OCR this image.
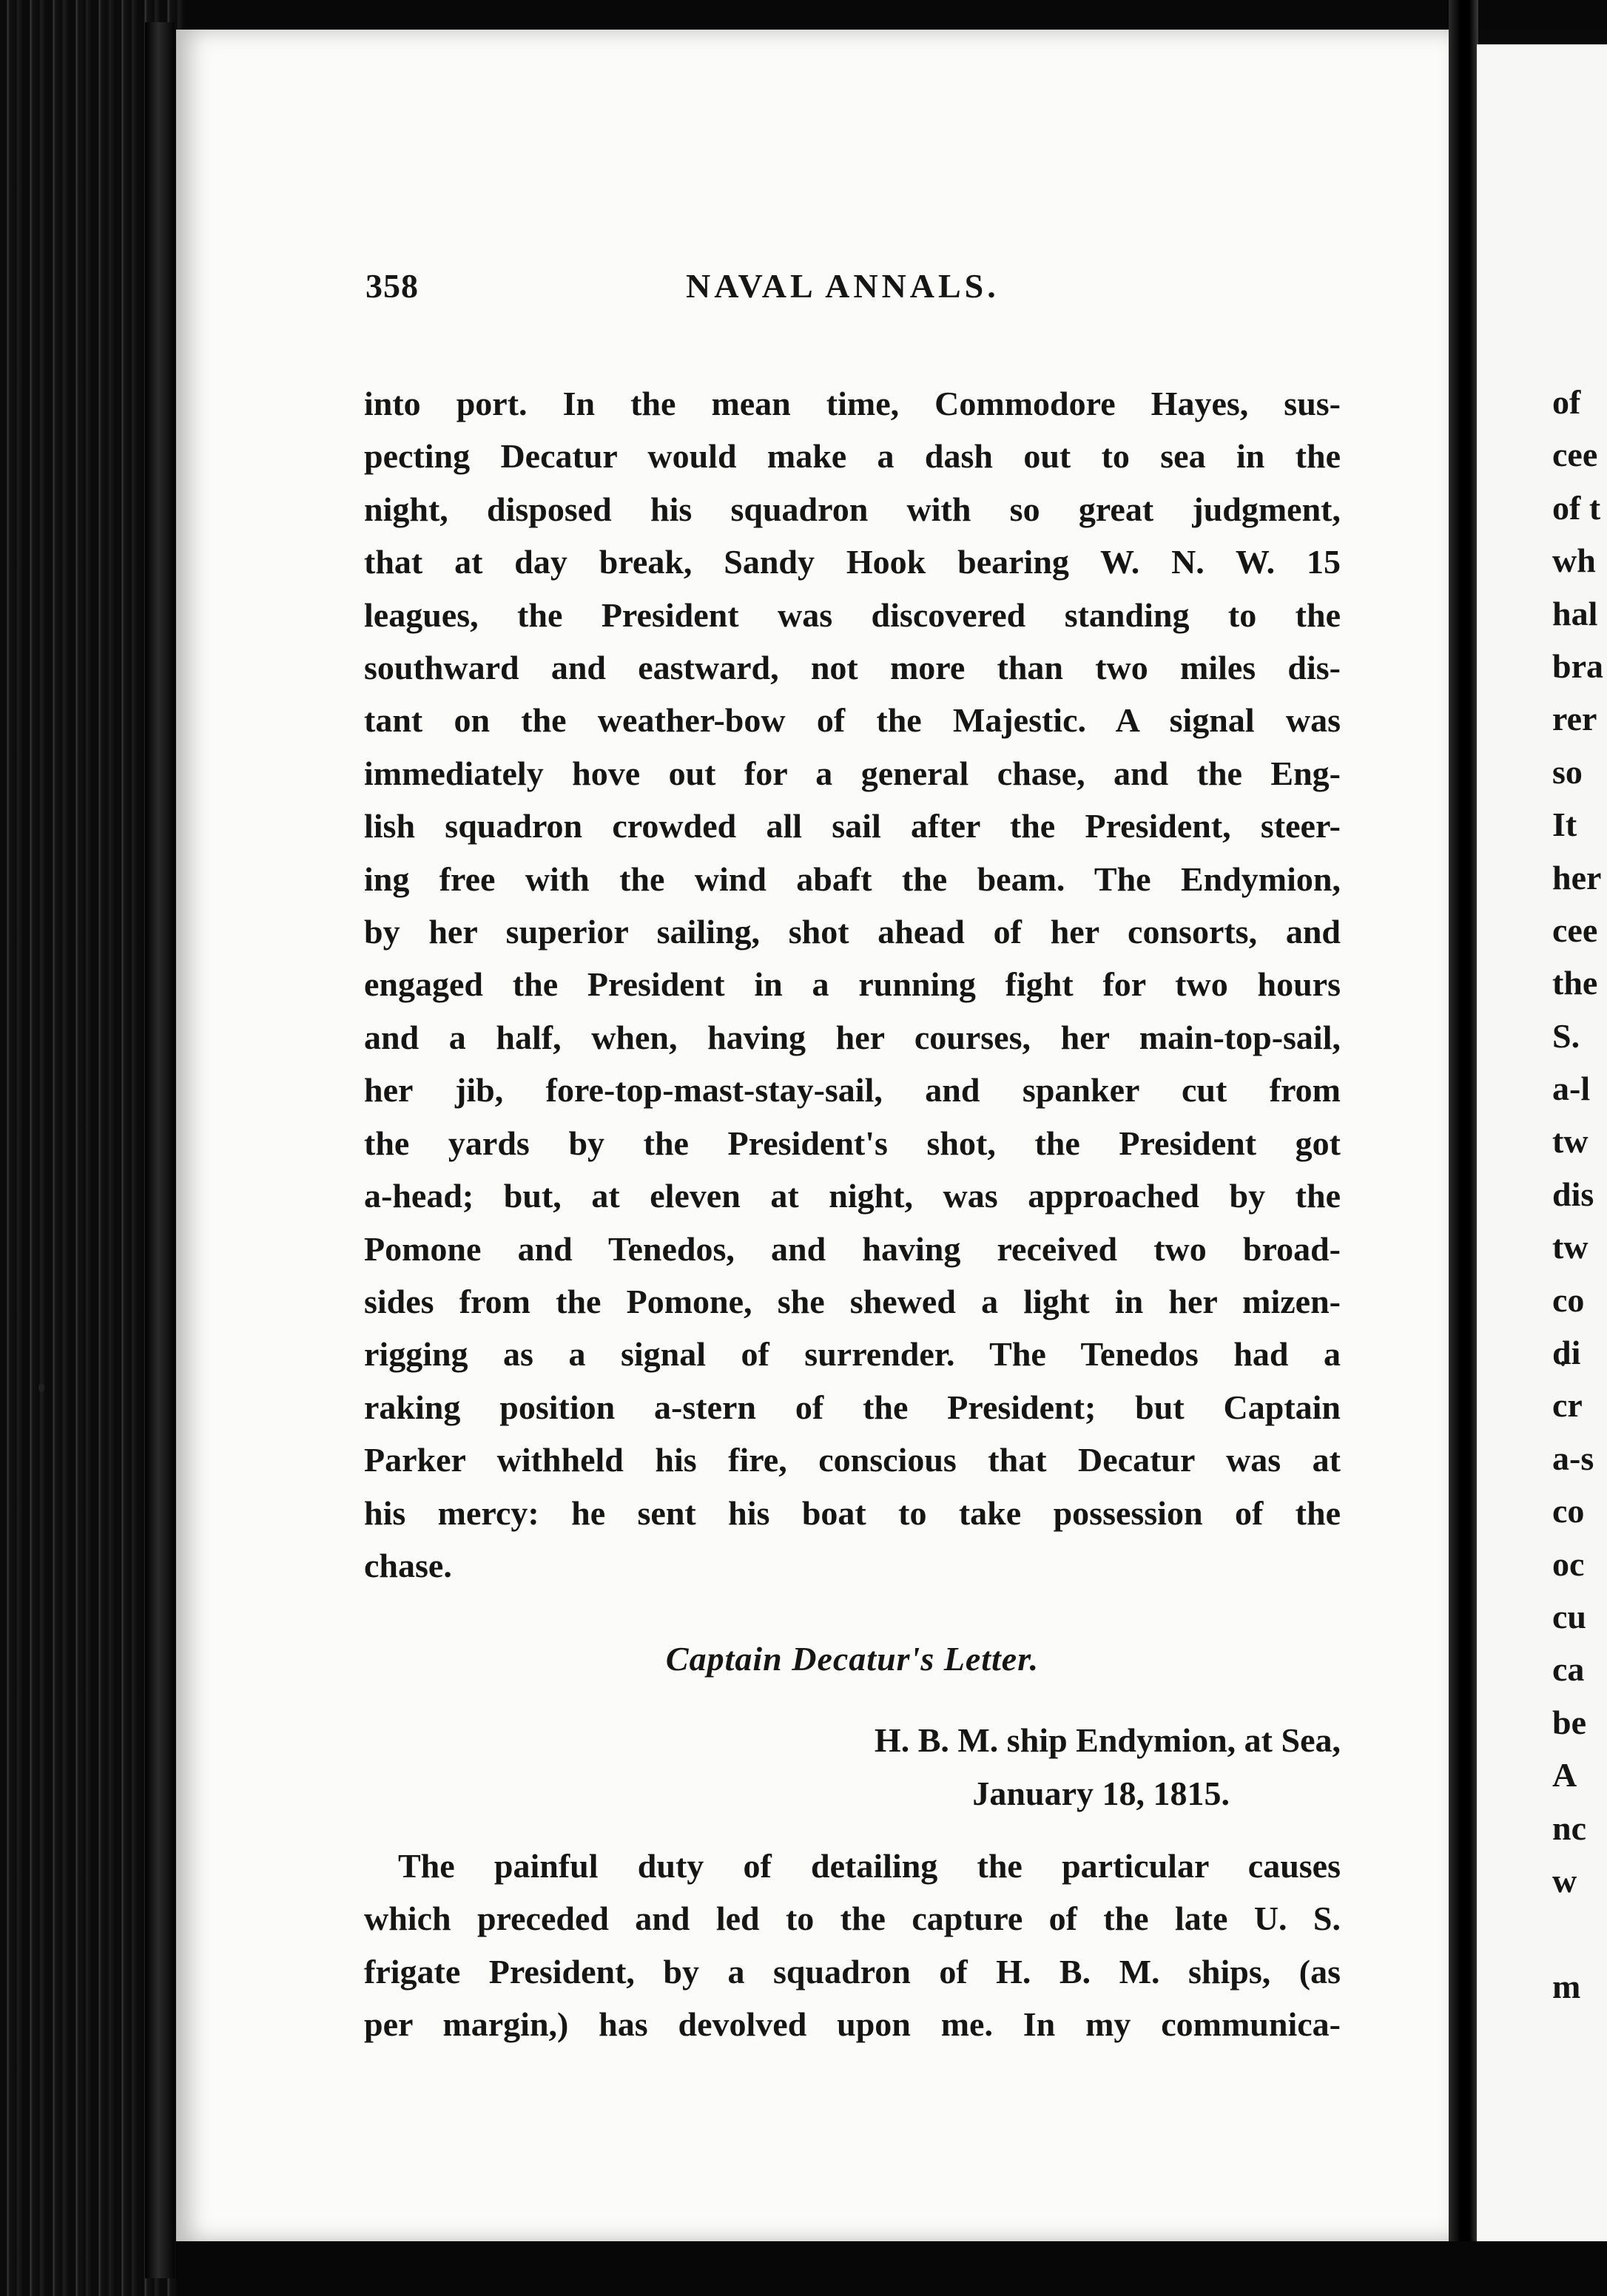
358	NAVAL ANNALS.
into port. In the mean time, Commodore Hayes, sus-
pecting Decatur would make a dash out to sea in the
night, disposed his squadron with so great judgment,
that at day break, Sandy Hook bearing W. N. W. 15
leagues, the President was discovered standing to the
southward and eastward, not more than two miles dis-
tant on the weather-bow of the Majestic. A signal was
immediately hove out for a general chase, and the Eng-
lish squadron crowded all sail after the President, steer-
ing free with the wind abaft the beam. The Endymion,
by her superior sailing, shot ahead of her consorts, and
engaged the President in a running fight for two hours
and a half, when, having her courses, her main-top-sail,
her jib, fore-top-mast-stay-sail, and spanker cut from
the yards by the President's shot, the President got
a-head; but, at eleven at night, was approached by the
Pomone and Tenedos, and having received two broad-
sides from the Pomone, she shewed a light in her mizen-
rigging as a signal of surrender. The Tenedos had a
raking position a-stern of the President; but Captain
Parker withheld his fire, conscious that Decatur was at
his mercy: he sent his boat to take possession of the
chase.
Captain Decatur's Letter.
H. B. M. ship Endymion, at Sea,
January 18, 1815.
The painful duty of detailing the particular causes
which preceded and led to the capture of the late U. S.
frigate President, by a squadron of H. B. M. ships, (as
per margin,) has devolved upon me. In my communica-
of
cee
of t
wh
hal
bra
rer
so
It
her
cee
the
S.
a-l
tw
dis
tw
co
di
cr
a-s
co
oc
cu
ca
be
A
nc
w
m
